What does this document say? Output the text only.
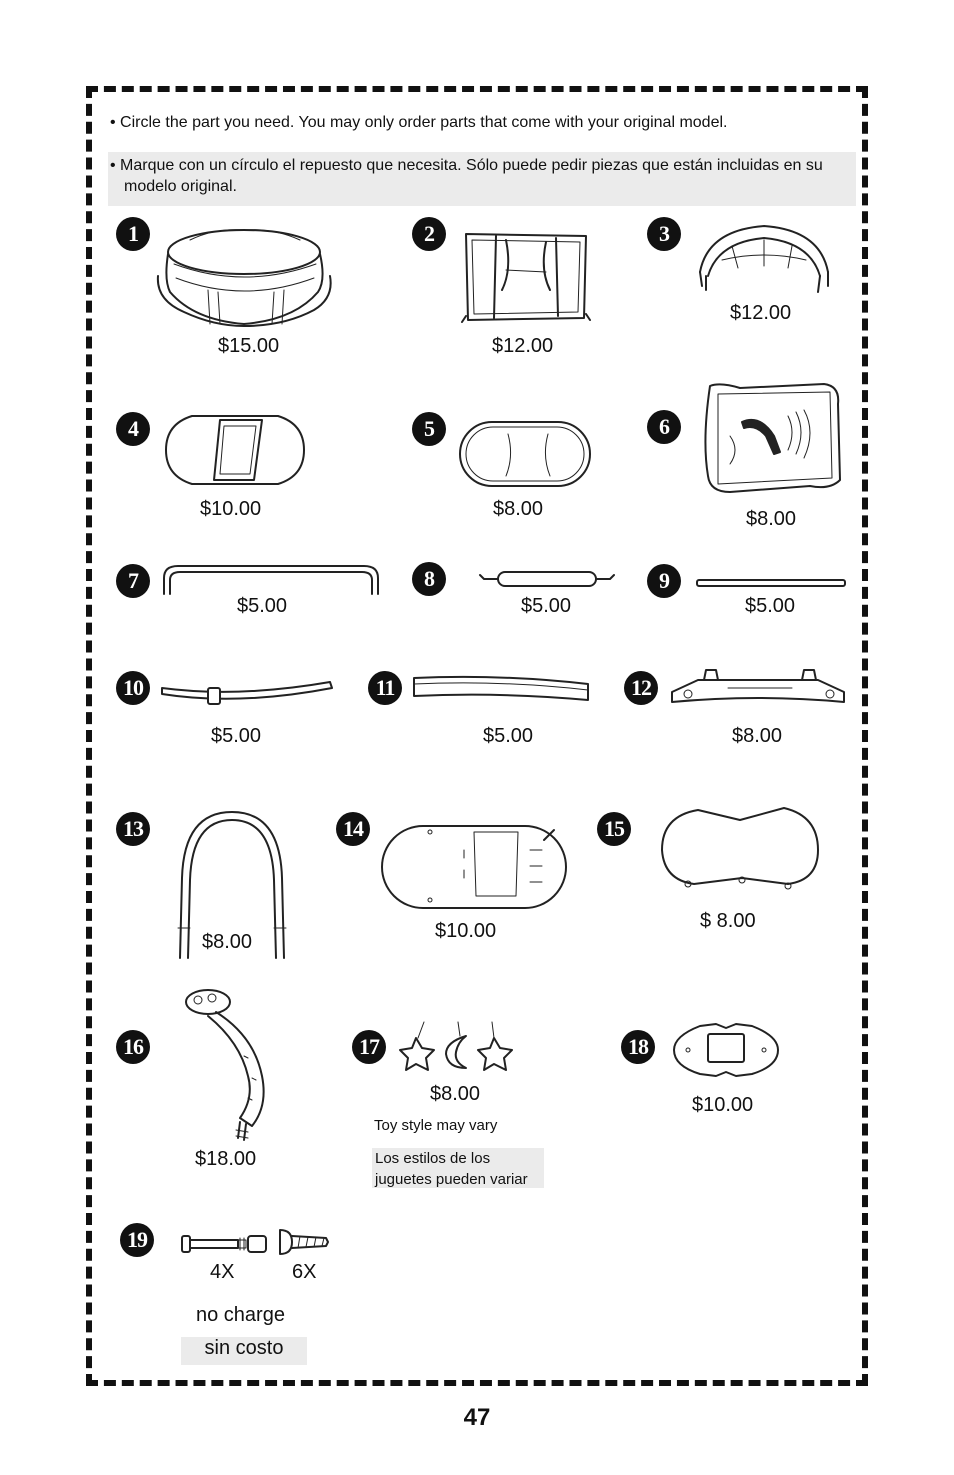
• Circle the part you need. You may only order parts that come with your original model.
• Marque con un círculo el repuesto que necesita. Sólo puede pedir piezas que están incluidas en su modelo original.
1
$15.00
2
$12.00
3
$12.00
4
$10.00
5
$8.00
6
$8.00
7
$5.00
8
$5.00
9
$5.00
10
$5.00
11
$5.00
12
$8.00
13
$8.00
14
$10.00
15
$ 8.00
16
$18.00
17
$8.00
Toy style may vary
Los estilos de los juguetes pueden variar
18
$10.00
19
4X	6X
no charge
sin costo
47
